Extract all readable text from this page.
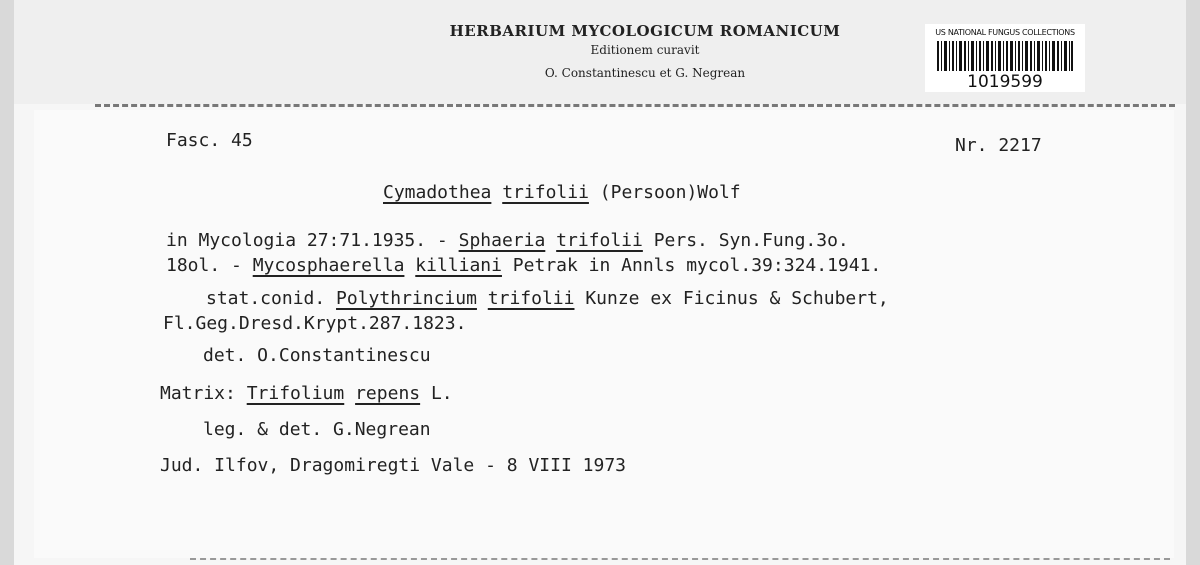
HERBARIUM MYCOLOGICUM ROMANICUM
Editionem curavit
O. Constantinescu et G. Negrean
US NATIONAL FUNGUS COLLECTIONS
1019599
Fasc. 45	Nr. 2217
Cymadothea trifolii (Persoon)Wolf
in Mycologia 27:71.1935. - Sphaeria trifolii Pers. Syn.Fung.3o.
18ol. - Mycosphaerella killiani Petrak in Annls mycol.39:324.1941.
stat.conid. Polythrincium trifolii Kunze ex Ficinus & Schubert,
Fl.Geg.Dresd.Krypt.287.1823.
det. O.Constantinescu
Matrix: Trifolium repens L.
leg. & det. G.Negrean
Jud. Ilfov, Dragomiregti Vale - 8 VIII 1973
